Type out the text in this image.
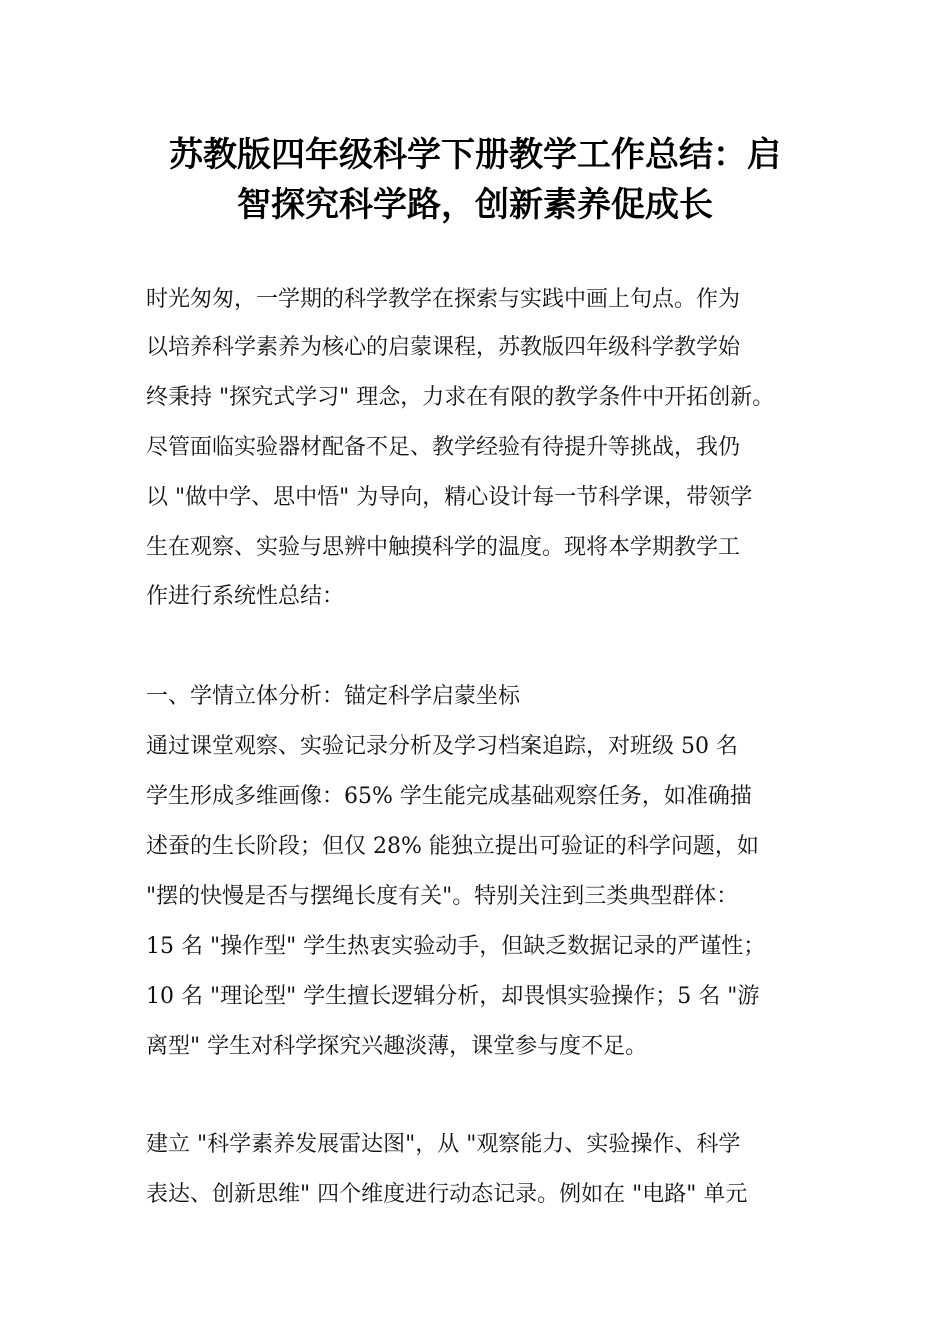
苏教版四年级科学下册教学工作总结：启
智探究科学路，创新素养促成长
时光匆匆，一学期的科学教学在探索与实践中画上句点。作为
以培养科学素养为核心的启蒙课程，苏教版四年级科学教学始
终秉持 "探究式学习" 理念，力求在有限的教学条件中开拓创新。
尽管面临实验器材配备不足、教学经验有待提升等挑战，我仍
以 "做中学、思中悟" 为导向，精心设计每一节科学课，带领学
生在观察、实验与思辨中触摸科学的温度。现将本学期教学工
作进行系统性总结：
一、学情立体分析：锚定科学启蒙坐标
通过课堂观察、实验记录分析及学习档案追踪，对班级 50 名
学生形成多维画像：65% 学生能完成基础观察任务，如准确描
述蚕的生长阶段；但仅 28% 能独立提出可验证的科学问题，如
"摆的快慢是否与摆绳长度有关"。特别关注到三类典型群体：
15 名 "操作型" 学生热衷实验动手，但缺乏数据记录的严谨性；
10 名 "理论型" 学生擅长逻辑分析，却畏惧实验操作；5 名 "游
离型" 学生对科学探究兴趣淡薄，课堂参与度不足。
建立 "科学素养发展雷达图"，从 "观察能力、实验操作、科学
表达、创新思维" 四个维度进行动态记录。例如在 "电路" 单元
